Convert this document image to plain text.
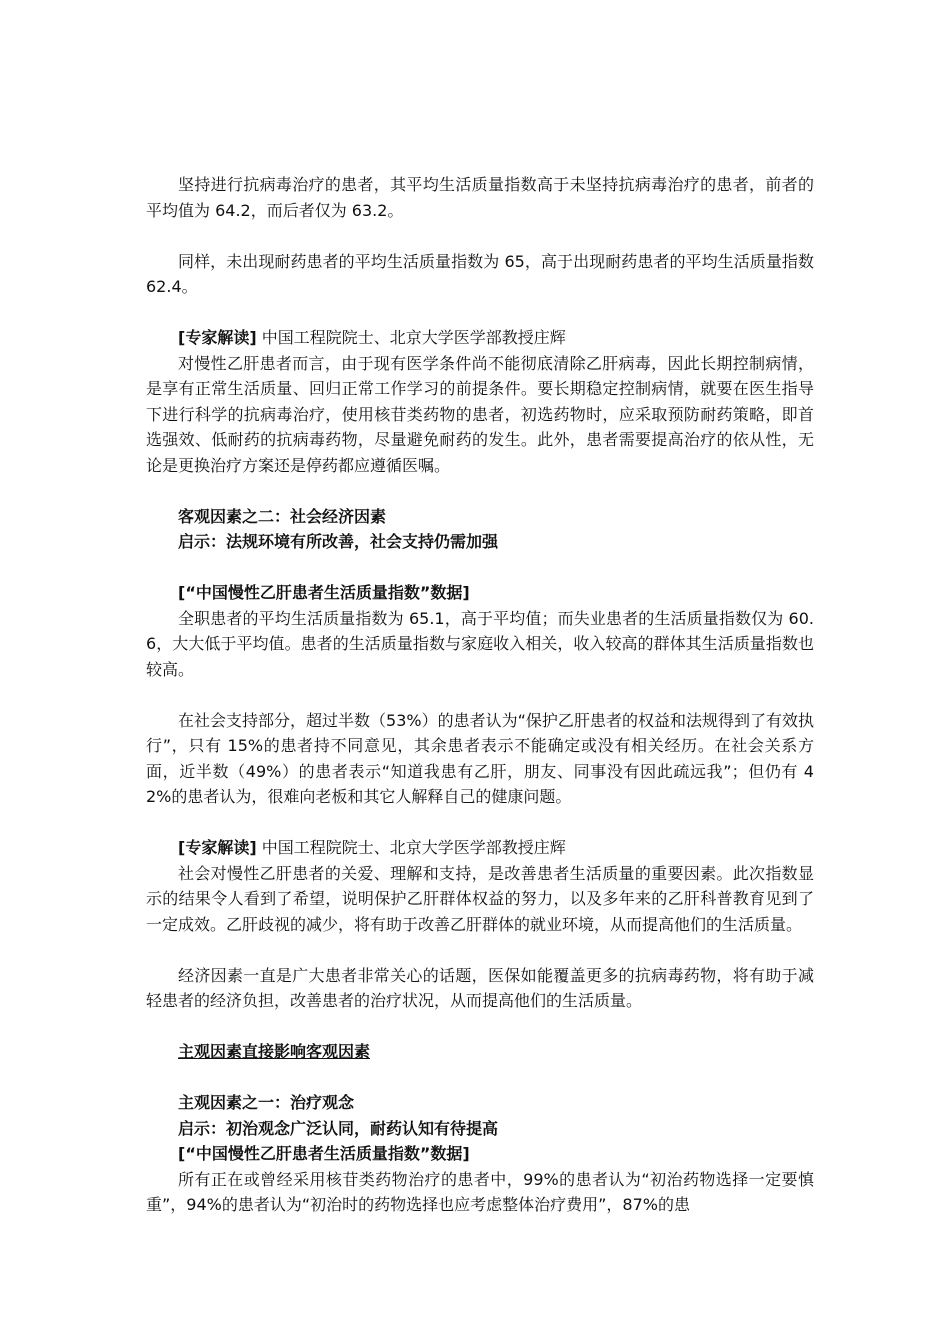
坚持进行抗病毒治疗的患者，其平均生活质量指数高于未坚持抗病毒治疗的患者，前者的平均值为 64.2，而后者仅为 63.2。

同样，未出现耐药患者的平均生活质量指数为 65，高于出现耐药患者的平均生活质量指数 62.4。

[专家解读] 中国工程院院士、北京大学医学部教授庄辉

对慢性乙肝患者而言，由于现有医学条件尚不能彻底清除乙肝病毒，因此长期控制病情，是享有正常生活质量、回归正常工作学习的前提条件。要长期稳定控制病情，就要在医生指导下进行科学的抗病毒治疗，使用核苷类药物的患者，初选药物时，应采取预防耐药策略，即首选强效、低耐药的抗病毒药物，尽量避免耐药的发生。此外，患者需要提高治疗的依从性，无论是更换治疗方案还是停药都应遵循医嘱。

客观因素之二：社会经济因素

启示：法规环境有所改善，社会支持仍需加强

[“中国慢性乙肝患者生活质量指数”数据]

全职患者的平均生活质量指数为 65.1，高于平均值；而失业患者的生活质量指数仅为 60.6，大大低于平均值。患者的生活质量指数与家庭收入相关，收入较高的群体其生活质量指数也较高。

在社会支持部分，超过半数（53%）的患者认为“保护乙肝患者的权益和法规得到了有效执行”，只有 15%的患者持不同意见，其余患者表示不能确定或没有相关经历。在社会关系方面，近半数（49%）的患者表示“知道我患有乙肝，朋友、同事没有因此疏远我”；但仍有 42%的患者认为，很难向老板和其它人解释自己的健康问题。

[专家解读] 中国工程院院士、北京大学医学部教授庄辉

社会对慢性乙肝患者的关爱、理解和支持，是改善患者生活质量的重要因素。此次指数显示的结果令人看到了希望，说明保护乙肝群体权益的努力，以及多年来的乙肝科普教育见到了一定成效。乙肝歧视的减少，将有助于改善乙肝群体的就业环境，从而提高他们的生活质量。

经济因素一直是广大患者非常关心的话题，医保如能覆盖更多的抗病毒药物，将有助于减轻患者的经济负担，改善患者的治疗状况，从而提高他们的生活质量。

主观因素直接影响客观因素

主观因素之一：治疗观念

启示：初治观念广泛认同，耐药认知有待提高

[“中国慢性乙肝患者生活质量指数”数据]

所有正在或曾经采用核苷类药物治疗的患者中，99%的患者认为“初治药物选择一定要慎重”，94%的患者认为“初治时的药物选择也应考虑整体治疗费用”，87%的患
